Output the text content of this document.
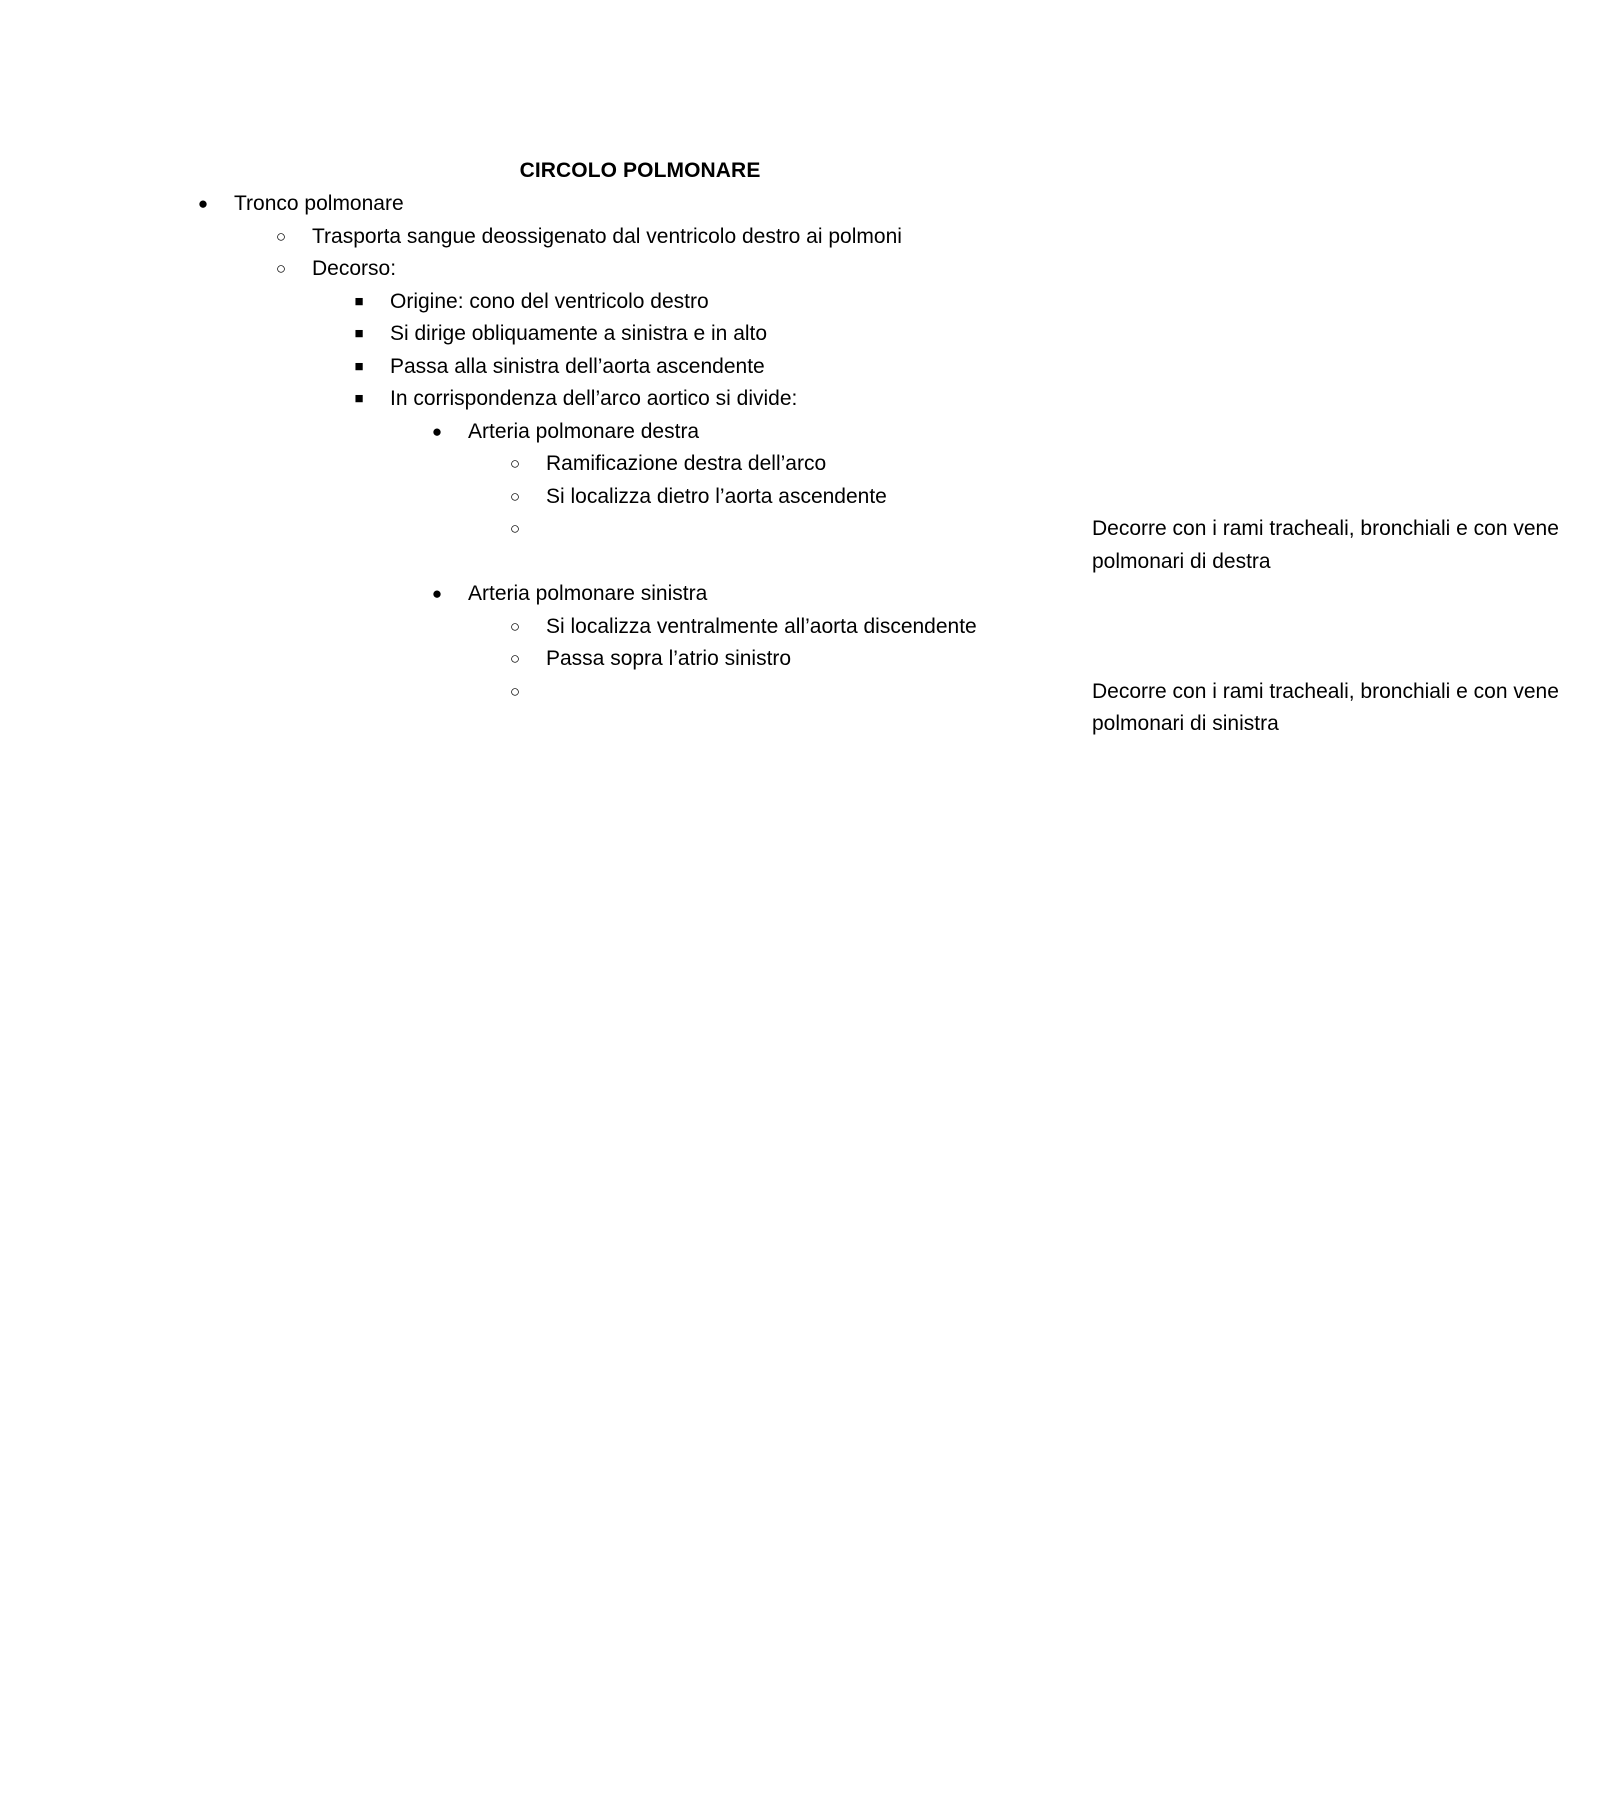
CIRCOLO POLMONARE
●	Tronco polmonare
○	Trasporta sangue deossigenato dal ventricolo destro ai polmoni
○	Decorso:
■	Origine: cono del ventricolo destro
■	Si dirige obliquamente a sinistra e in alto
■	Passa alla sinistra dell’aorta ascendente
■	In corrispondenza dell’arco aortico si divide:
●	Arteria polmonare destra
○	Ramificazione destra dell’arco
○	Si localizza dietro l’aorta ascendente
○	Decorre con i rami tracheali, bronchiali e con vene polmonari di destra
●	Arteria polmonare sinistra
○	Si localizza ventralmente all’aorta discendente
○	Passa sopra l’atrio sinistro
○	Decorre con i rami tracheali, bronchiali e con vene polmonari di sinistra
